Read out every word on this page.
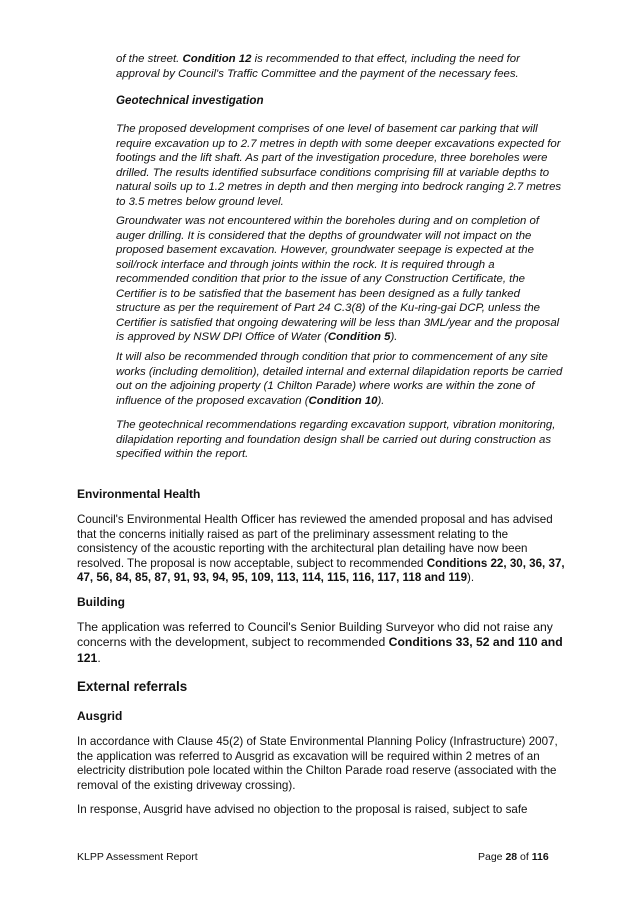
of the street. Condition 12 is recommended to that effect, including the need for approval by Council's Traffic Committee and the payment of the necessary fees.

Geotechnical investigation

The proposed development comprises of one level of basement car parking that will require excavation up to 2.7 metres in depth with some deeper excavations expected for footings and the lift shaft. As part of the investigation procedure, three boreholes were drilled. The results identified subsurface conditions comprising fill at variable depths to natural soils up to 1.2 metres in depth and then merging into bedrock ranging 2.7 metres to 3.5 metres below ground level.

Groundwater was not encountered within the boreholes during and on completion of auger drilling. It is considered that the depths of groundwater will not impact on the proposed basement excavation. However, groundwater seepage is expected at the soil/rock interface and through joints within the rock. It is required through a recommended condition that prior to the issue of any Construction Certificate, the Certifier is to be satisfied that the basement has been designed as a fully tanked structure as per the requirement of Part 24 C.3(8) of the Ku-ring-gai DCP, unless the Certifier is satisfied that ongoing dewatering will be less than 3ML/year and the proposal is approved by NSW DPI Office of Water (Condition 5).

It will also be recommended through condition that prior to commencement of any site works (including demolition), detailed internal and external dilapidation reports be carried out on the adjoining property (1 Chilton Parade) where works are within the zone of influence of the proposed excavation (Condition 10).

The geotechnical recommendations regarding excavation support, vibration monitoring, dilapidation reporting and foundation design shall be carried out during construction as specified within the report.

Environmental Health

Council's Environmental Health Officer has reviewed the amended proposal and has advised that the concerns initially raised as part of the preliminary assessment relating to the consistency of the acoustic reporting with the architectural plan detailing have now been resolved. The proposal is now acceptable, subject to recommended Conditions 22, 30, 36, 37, 47, 56, 84, 85, 87, 91, 93, 94, 95, 109, 113, 114, 115, 116, 117, 118 and 119).

Building

The application was referred to Council's Senior Building Surveyor who did not raise any concerns with the development, subject to recommended Conditions 33, 52 and 110 and 121.

External referrals

Ausgrid

In accordance with Clause 45(2) of State Environmental Planning Policy (Infrastructure) 2007, the application was referred to Ausgrid as excavation will be required within 2 metres of an electricity distribution pole located within the Chilton Parade road reserve (associated with the removal of the existing driveway crossing).

In response, Ausgrid have advised no objection to the proposal is raised, subject to safe

KLPP Assessment Report	Page 28 of 116
